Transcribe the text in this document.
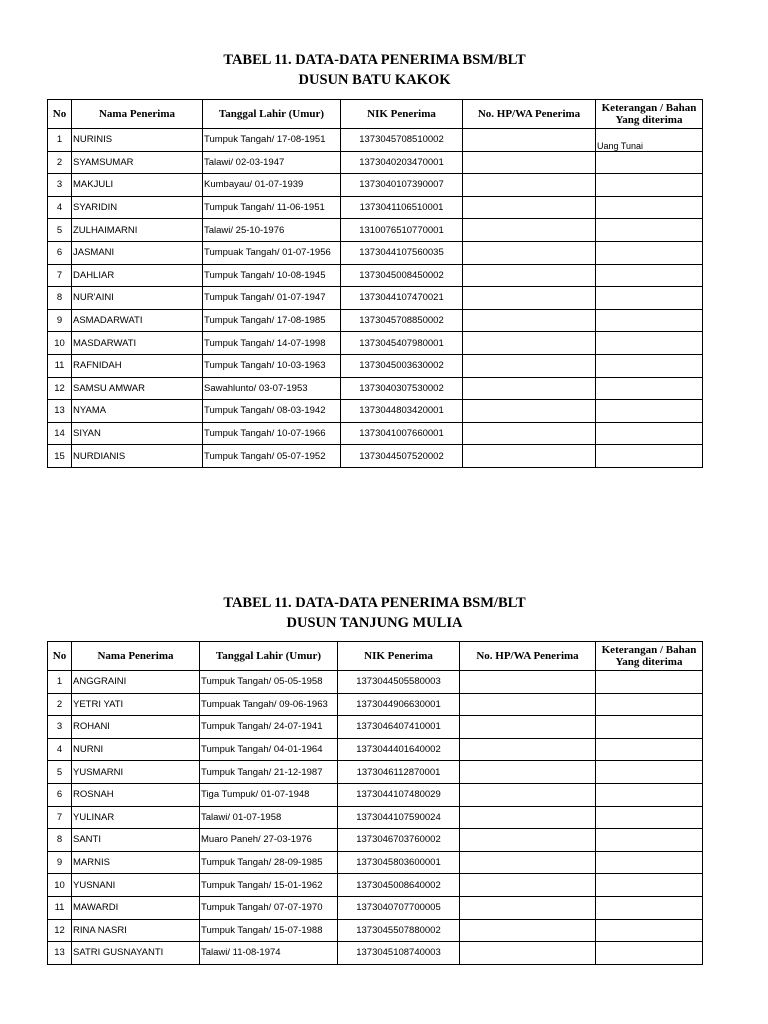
TABEL 11. DATA-DATA PENERIMA BSM/BLT
DUSUN BATU KAKOK
No	Nama Penerima	Tanggal Lahir (Umur)	NIK Penerima	No. HP/WA Penerima	Keterangan / Bahan Yang diterima
1	NURINIS	Tumpuk Tangah/ 17-08-1951	1373045708510002		Uang Tunai
2	SYAMSUMAR	Talawi/ 02-03-1947	1373040203470001		
3	MAKJULI	Kumbayau/ 01-07-1939	1373040107390007		
4	SYARIDIN	Tumpuk Tangah/ 11-06-1951	1373041106510001		
5	ZULHAIMARNI	Talawi/ 25-10-1976	1310076510770001		
6	JASMANI	Tumpuak Tangah/ 01-07-1956	1373044107560035		
7	DAHLIAR	Tumpuk Tangah/ 10-08-1945	1373045008450002		
8	NUR'AINI	Tumpuk Tangah/ 01-07-1947	1373044107470021		
9	ASMADARWATI	Tumpuk Tangah/ 17-08-1985	1373045708850002		
10	MASDARWATI	Tumpuk Tangah/ 14-07-1998	1373045407980001		
11	RAFNIDAH	Tumpuk Tangah/ 10-03-1963	1373045003630002		
12	SAMSU AMWAR	Sawahlunto/ 03-07-1953	1373040307530002		
13	NYAMA	Tumpuk Tangah/ 08-03-1942	1373044803420001		
14	SIYAN	Tumpuk Tangah/ 10-07-1966	1373041007660001		
15	NURDIANIS	Tumpuk Tangah/ 05-07-1952	1373044507520002		
TABEL 11. DATA-DATA PENERIMA BSM/BLT
DUSUN TANJUNG MULIA
No	Nama Penerima	Tanggal Lahir (Umur)	NIK Penerima	No. HP/WA Penerima	Keterangan / Bahan Yang diterima
1	ANGGRAINI	Tumpuk Tangah/ 05-05-1958	1373044505580003		
2	YETRI YATI	Tumpuak Tangah/ 09-06-1963	1373044906630001		
3	ROHANI	Tumpuk Tangah/ 24-07-1941	1373046407410001		
4	NURNI	Tumpuk Tangah/ 04-01-1964	1373044401640002		
5	YUSMARNI	Tumpuk Tangah/ 21-12-1987	1373046112870001		
6	ROSNAH	Tiga Tumpuk/ 01-07-1948	1373044107480029		
7	YULINAR	Talawi/ 01-07-1958	1373044107590024		
8	SANTI	Muaro Paneh/ 27-03-1976	1373046703760002		
9	MARNIS	Tumpuk Tangah/ 28-09-1985	1373045803600001		
10	YUSNANI	Tumpuk Tangah/ 15-01-1962	1373045008640002		
11	MAWARDI	Tumpuk Tangah/ 07-07-1970	1373040707700005		
12	RINA NASRI	Tumpuk Tangah/ 15-07-1988	1373045507880002		
13	SATRI GUSNAYANTI	Talawi/ 11-08-1974	1373045108740003		
